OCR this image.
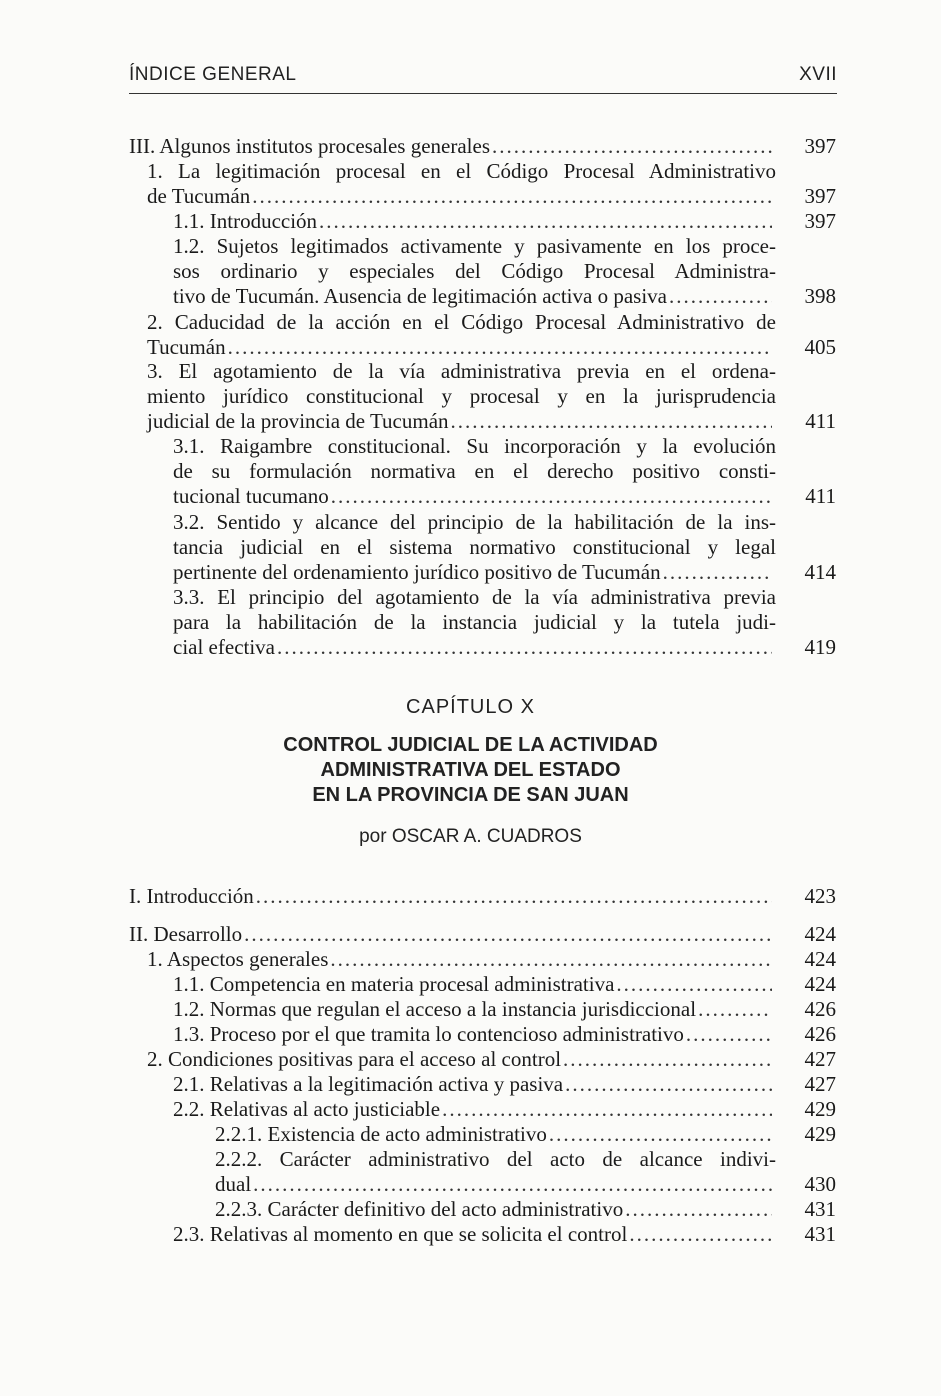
ÍNDICE GENERAL	XVII
III. Algunos institutos procesales generales .....	397
1. La legitimación procesal en el Código Procesal Administrativo
de Tucumán .....	397
1.1. Introducción .....	397
1.2. Sujetos legitimados activamente y pasivamente en los proce-
sos ordinario y especiales del Código Procesal Administra-
tivo de Tucumán. Ausencia de legitimación activa o pasiva .....	398
2. Caducidad de la acción en el Código Procesal Administrativo de
Tucumán .....	405
3. El agotamiento de la vía administrativa previa en el ordena-
miento jurídico constitucional y procesal y en la jurisprudencia
judicial de la provincia de Tucumán .....	411
3.1. Raigambre constitucional. Su incorporación y la evolución
de su formulación normativa en el derecho positivo consti-
tucional tucumano .....	411
3.2. Sentido y alcance del principio de la habilitación de la ins-
tancia judicial en el sistema normativo constitucional y legal
pertinente del ordenamiento jurídico positivo de Tucumán .....	414
3.3. El principio del agotamiento de la vía administrativa previa
para la habilitación de la instancia judicial y la tutela judi-
cial efectiva .....	419
I. Introducción .....	423
II. Desarrollo .....	424
1. Aspectos generales .....	424
1.1. Competencia en materia procesal administrativa .....	424
1.2. Normas que regulan el acceso a la instancia jurisdiccional .....	426
1.3. Proceso por el que tramita lo contencioso administrativo .....	426
2. Condiciones positivas para el acceso al control .....	427
2.1. Relativas a la legitimación activa y pasiva .....	427
2.2. Relativas al acto justiciable .....	429
2.2.1. Existencia de acto administrativo .....	429
2.2.2. Carácter administrativo del acto de alcance indivi-
dual .....	430
2.2.3. Carácter definitivo del acto administrativo .....	431
2.3. Relativas al momento en que se solicita el control .....	431
CAPÍTULO X
CONTROL JUDICIAL DE LA ACTIVIDAD
ADMINISTRATIVA DEL ESTADO
EN LA PROVINCIA DE SAN JUAN
por OSCAR A. CUADROS
